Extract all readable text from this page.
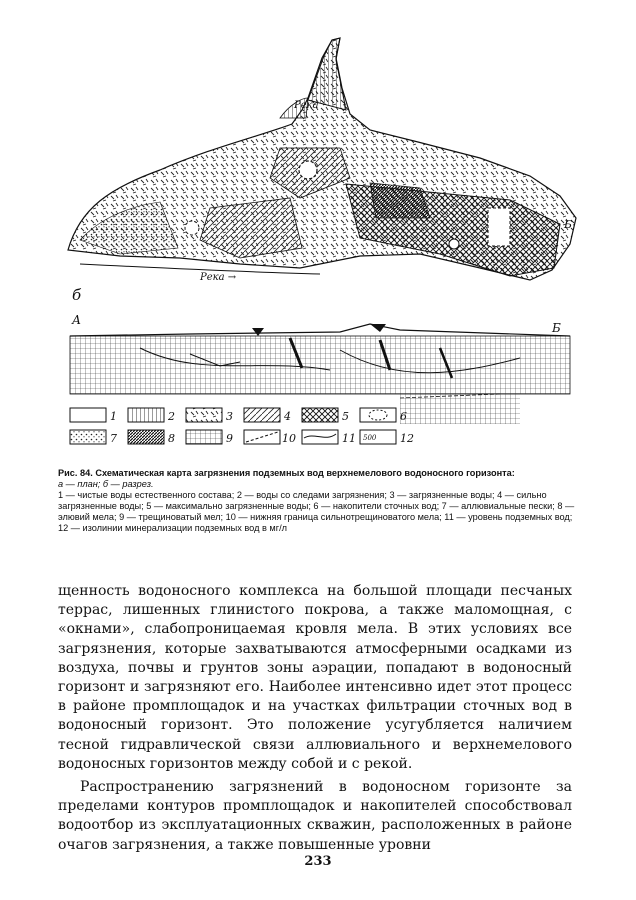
Река
Река →
Б
б
А
Б
1	2	3	4	5	6
7	8	9	10	11 500 12
Рис. 84. Схематическая карта загрязнения подземных вод верхнемелового водоносного горизонта:
а — план; б — разрез.
1 — чистые воды естественного состава; 2 — воды со следами загрязнения; 3 — загрязненные воды; 4 — сильно загрязненные воды; 5 — максимально загрязненные воды; 6 — накопители сточных вод; 7 — аллювиальные пески; 8 — элювий мела; 9 — трещиноватый мел; 10 — нижняя граница сильнотрещиноватого мела; 11 — уровень подземных вод; 12 — изолинии минерализации подземных вод в мг/л

щенность водоносного комплекса на большой площади песчаных террас, лишенных глинистого покрова, а также маломощная, с «окнами», слабопроницаемая кровля мела. В этих условиях все загрязнения, которые захватываются атмосферными осадками из воздуха, почвы и грунтов зоны аэрации, попадают в водоносный горизонт и загрязняют его. Наиболее интенсивно идет этот процесс в районе промплощадок и на участках фильтрации сточных вод в водоносный горизонт. Это положение усугубляется наличием тесной гидравлической связи аллювиального и верхнемелового водоносных горизонтов между собой и с рекой.

Распространению загрязнений в водоносном горизонте за пределами контуров промплощадок и накопителей способствовал водоотбор из эксплуатационных скважин, расположенных в районе очагов загрязнения, а также повышенные уровни

233
